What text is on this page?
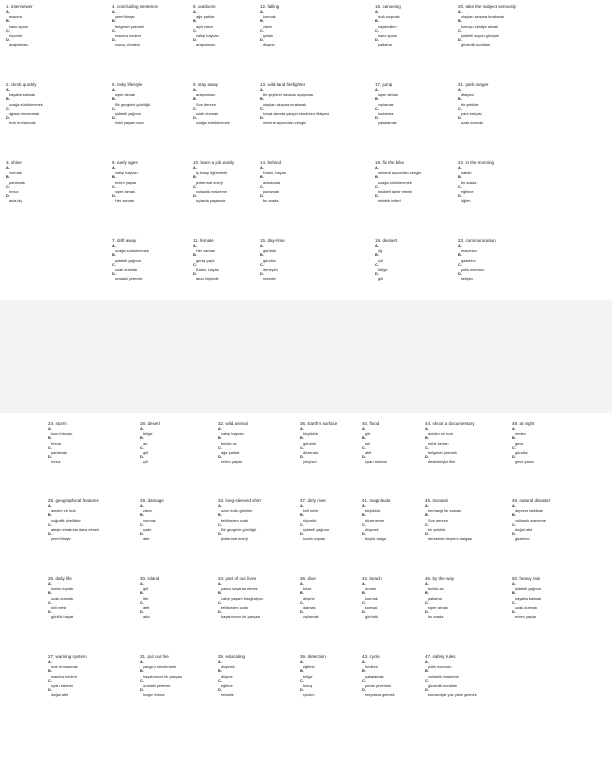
1. interviewer
A.
macera
B.
kano sporu
C.
röportör
D.
araştırmacı
4. concluding sentence
A.
yerel ittaiye
B.
belgesel çekmek
C.
macera nedeni
D.
sonuç cümlesi
8. outdoors
A.
ağır şartlar
B.
açık hava
C.
vahşi hayvan
D.
araştırmacı
12. falling
A.
kurmak
B.
zarar
C.
şelale
D.
düşme
16. canoeing
A.
hızlı koşmak
B.
kaydedilen
C.
kano sporu
D.
patlama
20. take the subject seriously
A.
olayları akışına bırakmak
B.
konuyu ciddiye almak
C.
şiddetli suyun gücüyle
D.
güvenlik kuralları
2. climb quickly
A.
hayatta kalmak
B.
uzağa sürüklenmek
C.
ağaca tırmanmak
D.
hızlı tırmanmak
5. risky lifestyle
A.
siper almak
B.
Bir gezginin günlüğü
C.
şiddetli yağmur
D.
riskli yaşam tarzı
9. stay away
A.
araştırmacı
B.
Son derece
C.
uzak durmak
D.
uzağa sürüklenmek
13. wild-land firefighter
A.
bir şeylerin havada uçuşması
B.
olayları akışına bırakmak
C.
kırsal alanda yangın söndüren itfaiyeci
D.
mineral açısından zengin
17. jump
A.
siper almak
B.
zıplamak
C.
kurtarma
D.
yakalamak
21. park ranger
A.
itfaiyeci
B.
bir şekilde
C.
park bekçisi
D.
uzak durmak
3. shine
A.
vurmak
B.
parlamak
C.
hırsız
D.
asla,hiç
6. early ages
A.
vahşi hayvan
B.
erken yaşlar
C.
siper almak
D.
Her zaman
10. learn a job easily
A.
iş kolay öğrenmek
B.
jeotermal enerji
C.
volkanik malzeme
D.
uçlarda yaşamak
14. behind
A.
Kadın, bayan
B.
arkasında
C.
parlamak
D.
bu arada
18. fix the bike
A.
mineral açısından zengin
B.
uzağa sürüklenmek
C.
bisikleti tamir etmek
D.
elektrik telleri
22. in the morning
A.
sabah
B.
bu arada
C.
eğitime
D.
öğlen
7. drift away
A.
uzağa sürüklenmek
B.
şiddetli yağmur
C.
uzak durmak
D.
oradaki yetenek
11. female
A.
Her zaman
B.
geniş çaplı
C.
Kadın, bayan
D.
akıcı biçimde
15. day-time
A.
görüntü
B.
gündüz
C.
deneyim
D.
mesafe
19. dessert
A.
öğ
B.
çöl
C.
bölge
D.
göl
23. communication
A.
maceracı
B.
gazeteci
C.
polis memuru
D.
iletişim
24. storm
A.
kum fırtınası
B.
fırtına
C.
parlamak
D.
hırsız
28. desert
A.
bölge
B.
arı
C.
göl
D.
çöl
32. wild animal
A.
vahşi hayvan
B.
bufalo av
C.
ağır şartlar
D.
erken yaşlar
36. Earth's surface
A.
büyüklük
B.
görüntü
C.
düzensiz
D.
yeryüzü
40. flood
A.
göl
B.
sel
C.
afet
D.
uyarı sistemi
44. shoot a documentary
A.
aniden ve hızlı
B.
nehir kenarı
C.
belgesel çekmek
D.
destekleyici fikir
48. at night
A.
neden
B.
gece
C.
gündüz
D.
gece yarısı
25. geographical features
A.
aniden ve hızlı
B.
coğrafik özellikler
C.
ateşin etrafında dans etmek
D.
yerel itfaiye
29. damage
A.
zarar
B.
vurmak
C.
çadır
D.
afet
33. long-sleeved shirt
A.
uzun kollu gömlek
B.
tehlikeden uzak
C.
Bir gezginin günlüğü
D.
jeotermal enerji
37. dirty river
A.
kirli nehir
B.
röportör
C.
şiddetli yağmur
D.
kumlu toprak
41. magnitude
A.
büyüklük
B.
düzenleme
C.
düşmek
D.
büyük dalga
45. tsunami
A.
herhangi bir zaman
B.
Son derece
C.
bir şekilde
D.
denizdeki deprem dalgası
49. natural disaster
A.
deprem tatbikatı
B.
volkanik malzeme
C.
doğal afet
D.
gazeteci
26. daily life
A.
kumlu toprak
B.
uzak durmak
C.
kirli nehir
D.
günlük hayat
30. island
A.
göl
B.
öte
C.
afet
D.
ada
34. part of our lives
A.
yalnız seyahat etmek
B.
vahşi yaşam fotoğrafçısı
C.
tehlikeden uzak
D.
hayatımızın bir parçası
38. dive
A.
biraz
B.
düşme
C.
dalmak
D.
zıplamak
42. beach
A.
orman
B.
kurmak
C.
kumsal
D.
görüntü
46. by the way
A.
bufalo av
B.
patlama
C.
siper almak
D.
bu arada
50. heavy rain
A.
şiddetli yağmur
B.
hayatta kalmak
C.
uzak durmak
D.
erken yaşlar
27. warning system
A.
hızlı tırmanmak
B.
macera nedeni
C.
uyarı sistemi
D.
doğal afet
31. put out fire
A.
yangını söndürmek
B.
hayatımızın bir parçası
C.
oradaki yetenek
D.
kızgın fırtına
35. educating
A.
düşmek
B.
düşme
C.
eğitme
D.
mesafe
39. detection
A.
eğitme
B.
bölge
C.
buluş
D.
çözüm
43. cycle
A.
hediren
B.
yakalamak
C.
pedal çevirmek
D.
meydana gelmek
47. safety rules
A.
polis memuru
B.
volkanik malzeme
C.
güvenlik kuralları
D.
tsunamiyle yüz yüze gelmek
